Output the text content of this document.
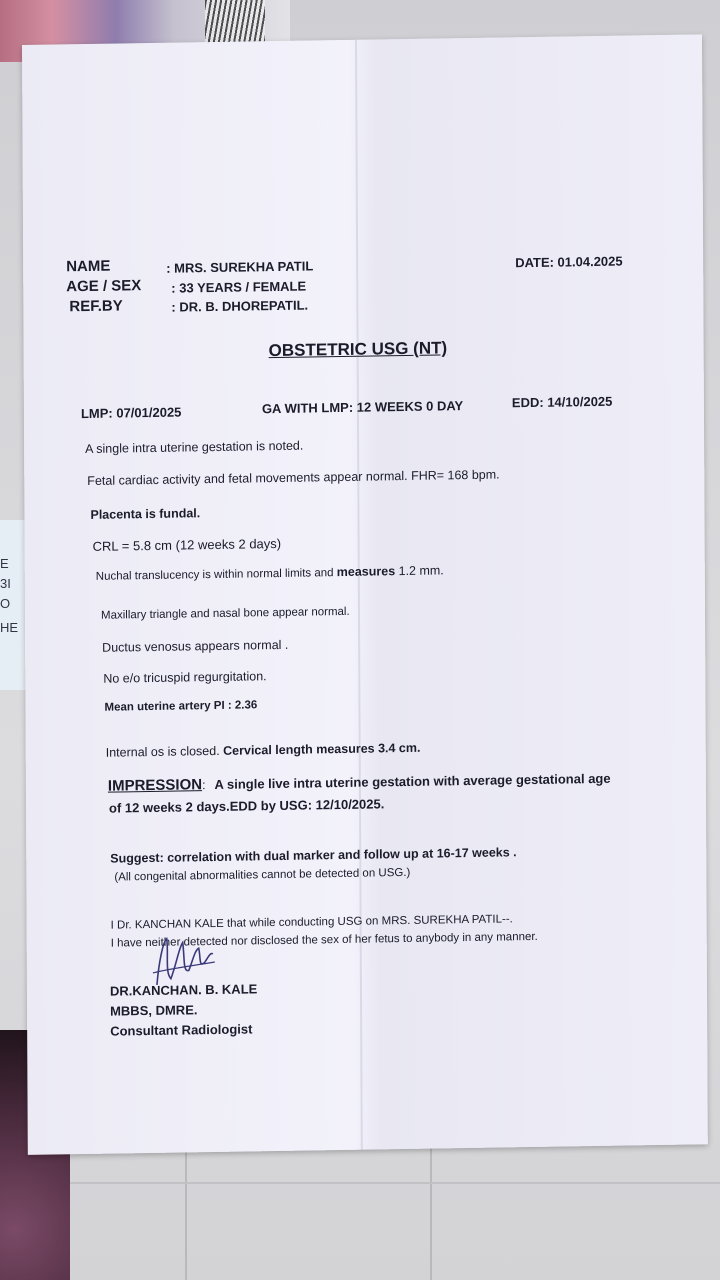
E
3I
O
HE
NAME
AGE / SEX
REF.BY
: MRS. SUREKHA PATIL
: 33 YEARS / FEMALE
: DR. B. DHOREPATIL.
DATE: 01.04.2025
OBSTETRIC USG (NT)
LMP: 07/01/2025	GA WITH LMP: 12 WEEKS 0 DAY	EDD: 14/10/2025
A single intra uterine gestation is noted.
Fetal cardiac activity and fetal movements appear normal. FHR= 168 bpm.
Placenta is fundal.
CRL = 5.8 cm (12 weeks 2 days)
Nuchal translucency is within normal limits and measures 1.2 mm.
Maxillary triangle and nasal bone appear normal.
Ductus venosus appears normal .
No e/o tricuspid regurgitation.
Mean uterine artery PI : 2.36
Internal os is closed. Cervical length measures 3.4 cm.
IMPRESSION: A single live intra uterine gestation with average gestational age
of 12 weeks 2 days.EDD by USG: 12/10/2025.
Suggest: correlation with dual marker and follow up at 16-17 weeks .
(All congenital abnormalities cannot be detected on USG.)
I Dr. KANCHAN KALE that while conducting USG on MRS. SUREKHA PATIL--.
I have neither detected nor disclosed the sex of her fetus to anybody in any manner.
DR.KANCHAN. B. KALE
MBBS, DMRE.
Consultant Radiologist
